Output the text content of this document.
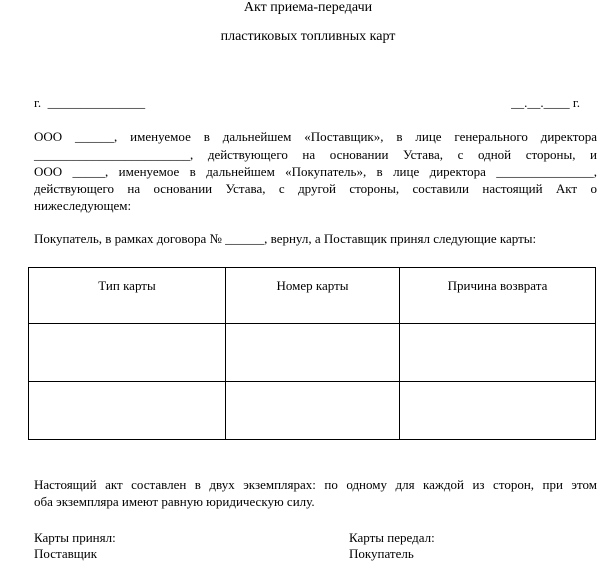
Акт приема-передачи
пластиковых топливных карт
г.  _______________	__.__.____ г.
ООО ______, именуемое в дальнейшем «Поставщик», в лице генерального директора
________________________, действующего на основании Устава, с одной стороны, и
ООО _____, именуемое в дальнейшем «Покупатель», в лице директора _______________,
действующего на основании Устава, с другой стороны, составили настоящий Акт о
нижеследующем:
Покупатель, в рамках договора № ______, вернул, а Поставщик принял следующие карты:
Тип карты	Номер карты	Причина возврата

Настоящий акт составлен в двух экземплярах: по одному для каждой из сторон, при этом
оба экземпляра имеют равную юридическую силу.
Карты принял:
Поставщик
Карты передал:
Покупатель
